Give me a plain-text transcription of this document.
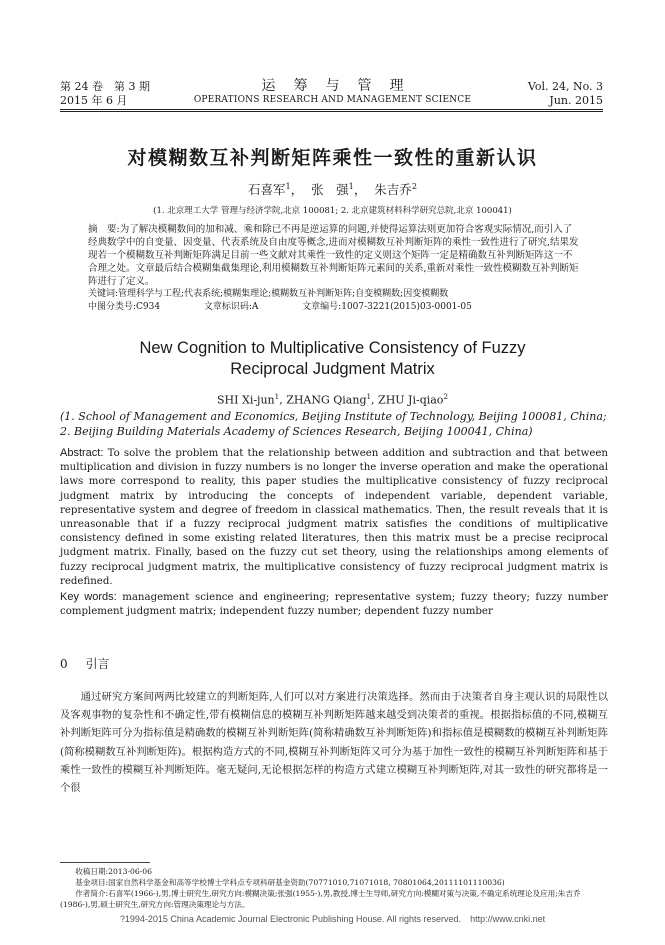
第 24 卷　第 3 期
2015 年 6 月
运筹与管理
OPERATIONS RESEARCH AND MANAGEMENT SCIENCE
Vol. 24, No. 3
Jun. 2015
对模糊数互补判断矩阵乘性一致性的重新认识
石喜军$^1$，  张　强$^1$，  朱吉乔$^2$
(1. 北京理工大学 管理与经济学院,北京 100081; 2. 北京建筑材料科学研究总院,北京 100041)

摘　要:为了解决模糊数间的加和减、乘和除已不再是逆运算的问题,并使得运算法则更加符合客观实际情况,而引入了经典数学中的自变量、因变量、代表系统及自由度等概念,进而对模糊数互补判断矩阵的乘性一致性进行了研究,结果发现若一个模糊数互补判断矩阵满足目前一些文献对其乘性一致性的定义则这个矩阵一定是精确数互补判断矩阵这一不合理之处。文章最后结合模糊集截集理论,利用模糊数互补判断矩阵元素间的关系,重新对乘性一致性模糊数互补判断矩阵进行了定义。

关键词:管理科学与工程;代表系统;模糊集理论;模糊数互补判断矩阵;自变模糊数;因变模糊数
中图分类号:C934	文章标识码:A	文章编号:1007-3221(2015)03-0001-05
New Cognition to Multiplicative Consistency of Fuzzy
Reciprocal Judgment Matrix
SHI Xi-jun$^1$, ZHANG Qiang$^1$, ZHU Ji-qiao$^2$
(1. School of Management and Economics, Beijing Institute of Technology, Beijing 100081, China; 2. Beijing Building Materials Academy of Sciences Research, Beijing 100041, China)
Abstract: To solve the problem that the relationship between addition and subtraction and that between multiplication and division in fuzzy numbers is no longer the inverse operation and make the operational laws more correspond to reality, this paper studies the multiplicative consistency of fuzzy reciprocal judgment matrix by introducing the concepts of independent variable, dependent variable, representative system and degree of freedom in classical mathematics. Then, the result reveals that it is unreasonable that if a fuzzy reciprocal judgment matrix satisfies the conditions of multiplicative consistency defined in some existing related literatures, then this matrix must be a precise reciprocal judgment matrix. Finally, based on the fuzzy cut set theory, using the relationships among elements of fuzzy reciprocal judgment matrix, the multiplicative consistency of fuzzy reciprocal judgment matrix is redefined.
Key words: management science and engineering; representative system; fuzzy theory; fuzzy number complement judgment matrix; independent fuzzy number; dependent fuzzy number
0 引言
通过研究方案间两两比较建立的判断矩阵,人们可以对方案进行决策选择。然而由于决策者自身主观认识的局限性以及客观事物的复杂性和不确定性,带有模糊信息的模糊互补判断矩阵越来越受到决策者的重视。根据指标值的不同,模糊互补判断矩阵可分为指标值是精确数的模糊互补判断矩阵(简称精确数互补判断矩阵)和指标值是模糊数的模糊互补判断矩阵(简称模糊数互补判断矩阵)。根据构造方式的不同,模糊互补判断矩阵又可分为基于加性一致性的模糊互补判断矩阵和基于乘性一致性的模糊互补判断矩阵。毫无疑问,无论根据怎样的构造方式建立模糊互补判断矩阵,对其一致性的研究都将是一个很
收稿日期:2013-06-06
基金项目:国家自然科学基金和高等学校博士学科点专项科研基金资助(70771010,71071018, 70801064,20111101110036)
作者简介:石喜军(1966-),男,博士研究生,研究方向:模糊决策;张强(1955-),男,教授,博士生导师,研究方向:模糊对策与决策,不确定系统理论及应用;朱吉乔(1986-),男,硕士研究生,研究方向:管理决策理论与方法。
?1994-2015 China Academic Journal Electronic Publishing House. All rights reserved.　http://www.cnki.net
